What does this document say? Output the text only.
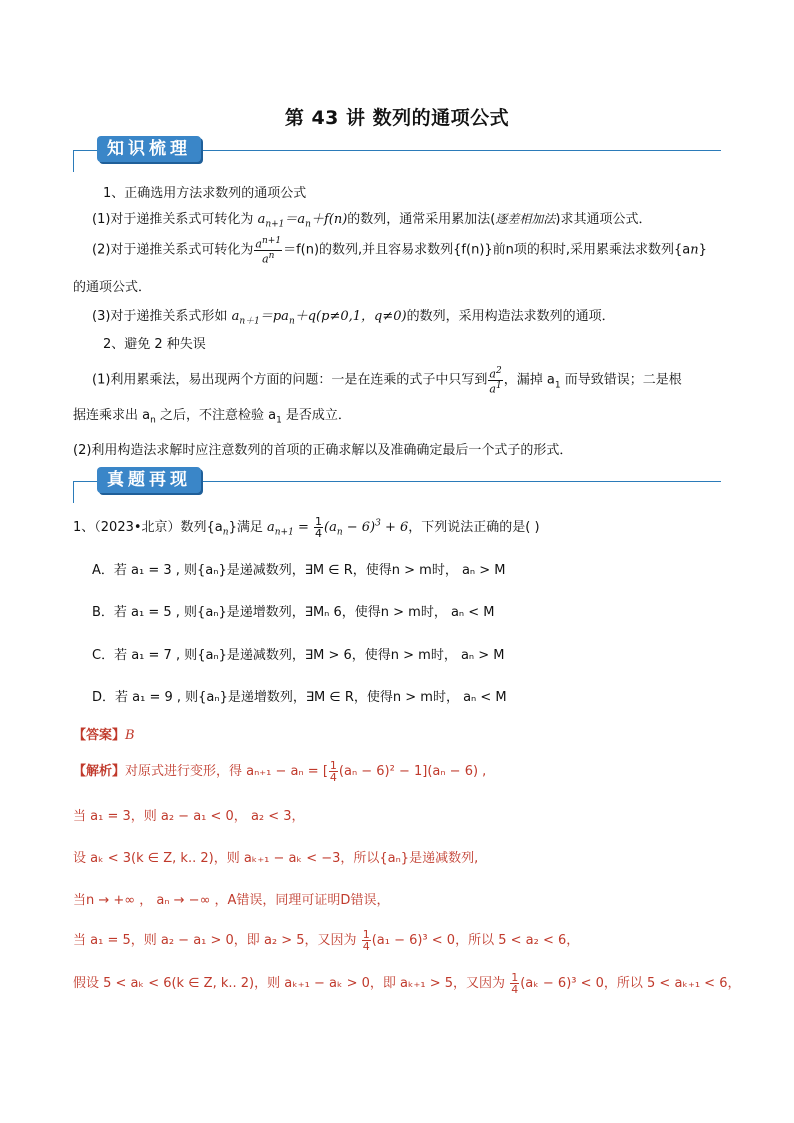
第 43 讲 数列的通项公式
知识梳理
1、正确选用方法求数列的通项公式
(1)对于递推关系式可转化为 $a_{n+1}=a_n+f(n)$的数列，通常采用累加法(逐差相加法)求其通项公式．
(2)对于递推关系式可转化为 $\frac{a^{n+1}}{a^n} =f(n)$的数列,并且容易求数列{f(n)}前n项的积时,采用累乘法求数列{an}
的通项公式．
(3)对于递推关系式形如 $a_{n+1}=pa_n+q(p\ne 0,1$，q≠0)的数列，采用构造法求数列的通项．
2、避免 2 种失误
(1)利用累乘法，易出现两个方面的问题：一是在连乘的式子中只写到 $\frac{a^2}{a^1}$ ，漏掉 $a_1$ 而导致错误；二是根
据连乘求出 $a_n$ 之后，不注意检验 $a_1$ 是否成立．
(2)利用构造法求解时应注意数列的首项的正确求解以及准确确定最后一个式子的形式．
真题再现
1、（2023•北京）数列$\{a_n\}$满足 $a_{n+1} = \frac{1}{4} (a_n - 6)^3 + 6$，下列说法正确的是( )
A．若 a₁ = 3 , 则{aₙ}是递减数列，∃M ∈ R，使得n > m时， aₙ > M
B．若 a₁ = 5 , 则{aₙ}是递增数列，∃Mₙ 6，使得n > m时， aₙ < M
C．若 a₁ = 7 , 则{aₙ}是递减数列，∃M > 6，使得n > m时， aₙ > M
D．若 a₁ = 9 , 则{aₙ}是递增数列，∃M ∈ R，使得n > m时， aₙ < M
【答案】B
【解析】对原式进行变形，得 aₙ₊₁ − aₙ = [ $\frac{1}{4} (a_n - 6)^2 - 1](a_n - 6)$ ,
当 a₁ = 3，则 a₂ − a₁ < 0， a₂ < 3，
设 aₖ < 3(k ∈ Z, k.. 2)，则 aₖ₊₁ − aₖ < −3，所以{aₙ}是递减数列,
当n → +∞ ， aₙ → −∞ ，A错误，同理可证明D错误，
当 a₁ = 5，则 a₂ − a₁ > 0，即 a₂ > 5，又因为 $\frac{1}{4} (a_1 - 6)^3 < 0$，所以 5 < a₂ < 6，
假设 5 < aₖ < 6(k ∈ Z, k.. 2)，则 aₖ₊₁ − aₖ > 0，即 aₖ₊₁ > 5，又因为 $\frac{1}{4} (a_k - 6)^3 < 0$，所以 5 < aₖ₊₁ < 6，
